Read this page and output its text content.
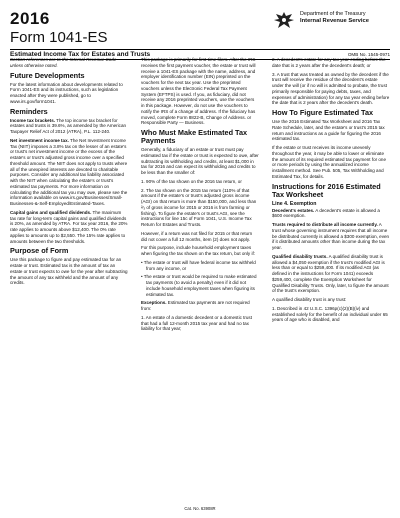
2016
Form 1041-ES
Department of the Treasury
Internal Revenue Service
Estimated Income Tax for Estates and Trusts	OMB No. 1545-0971

Section references are to the Internal Revenue Code unless otherwise noted.

Future Developments

For the latest information about developments related to Form 1041-ES and its instructions, such as legislation enacted after they were published, go to www.irs.gov/form1041.

Reminders

Income tax brackets. The top income tax bracket for estates and trusts is 39.6%, as amended by the American Taxpayer Relief Act of 2012 (ATRA), P.L. 112-240.

Net investment income tax. The Net Investment Income Tax (NIIT) imposes a 3.8% tax on the lesser of an estate's or trust's net investment income or the excess of the estate's or trust's adjusted gross income over a specified threshold amount. The NIIT does not apply to trusts where all of the unexpired interests are devoted to charitable purposes. Consider any additional tax liability associated with the NIIT when calculating the estate's or trust's estimated tax payments. For more information on calculating the additional tax you may owe, please see the information available on www.irs.gov/Businesses/Small-Businesses-&-Self-Employed/Estimated-Taxes.

Capital gains and qualified dividends. The maximum tax rate for long-term capital gains and qualified dividends is 20%, as amended by ATRA. For tax year 2016, the 20% rate applies to amounts above $12,400. The 0% rate applies to amounts up to $2,550. The 15% rate applies to amounts between the two thresholds.

Purpose of Form

Use this package to figure and pay estimated tax for an estate or trust. Estimated tax is the amount of tax an estate or trust expects to owe for the year after subtracting the amount of any tax withheld and the amount of any credits.

This package is primarily for first-time filers. After the IRS receives the first payment voucher, the estate or trust will receive a 1041-ES package with the name, address, and employer identification number (EIN) preprinted on the vouchers for the next tax year. Use the preprinted vouchers unless the Electronic Federal Tax Payment System (EFTPS) is used. If you, as fiduciary, did not receive any 2016 preprinted vouchers, use the vouchers in this package. However, do not use the vouchers to notify the IRS of a change of address. If the fiduciary has moved, complete Form 8822-B, Change of Address. or Responsible Party — Business.

Who Must Make Estimated Tax Payments

Generally, a fiduciary of an estate or trust must pay estimated tax if the estate or trust is expected to owe, after subtracting its withholding and credits, at least $1,000 in tax for 2016 and can expect its withholding and credits to be less than the smaller of:

1. 90% of the tax shown on the 2016 tax return, or

2. The tax shown on the 2015 tax return (110% of that amount if the estate's or trust's adjusted gross income (AGI) on that return is more than $150,000, and less than ²⁄₃ of gross income for 2015 or 2016 is from farming or fishing). To figure the estate's or trust's AGI, see the instructions for line 15c of Form 1041, U.S. Income Tax Return for Estates and Trusts.

However, if a return was not filed for 2015 or that return did not cover a full 12 months, item (2) does not apply.

For this purpose, include household employment taxes when figuring the tax shown on the tax return, but only if:

• The estate or trust will have federal income tax withheld from any income, or

• The estate or trust would be required to make estimated tax payments (to avoid a penalty) even if it did not include household employment taxes when figuring its estimated tax.

Exceptions. Estimated tax payments are not required from:

1. An estate of a domestic decedent or a domestic trust that had a full 12-month 2015 tax year and had no tax liability for that year;

2. A decedent's estate for any tax year ending before the date that is 2 years after the decedent's death; or

3. A trust that was treated as owned by the decedent if the trust will receive the residue of the decedent's estate under the will (or if no will is admitted to probate, the trust primarily responsible for paying debts, taxes, and expenses of administration) for any tax year ending before the date that is 2 years after the decedent's death.

How To Figure Estimated Tax

Use the 2016 Estimated Tax Worksheet and 2016 Tax Rate Schedule, later, and the estate's or trust's 2015 tax return and instructions as a guide for figuring the 2016 estimated tax.

If the estate or trust receives its income unevenly throughout the year, it may be able to lower or eliminate the amount of its required estimated tax payment for one or more periods by using the annualized income installment method. See Pub. 505, Tax Withholding and Estimated Tax, for details.

Instructions for 2016 Estimated Tax Worksheet
Line 4. Exemption

Decedent's estates. A decedent's estate is allowed a $600 exemption.

Trusts required to distribute all income currently. A trust whose governing instrument requires that all income be distributed currently is allowed a $300 exemption, even if it distributed amounts other than income during the tax year.

Qualified disability trusts. A qualified disability trust is allowed a $4,050 exemption if the trust's modified AGI is less than or equal to $259,400. If its modified AGI (as defined in the instructions for Form 1041) exceeds $259,400, complete the Exemption Worksheet for Qualified Disability Trusts. Only, later, to figure the amount of the trust's exemption.

A qualified disability trust is any trust:

1. Described in 42 U.S.C. 1396p(c)(2)(B)(iv) and established solely for the benefit of an individual under 65 years of age who is disabled, and

Cat. No. 63908R
